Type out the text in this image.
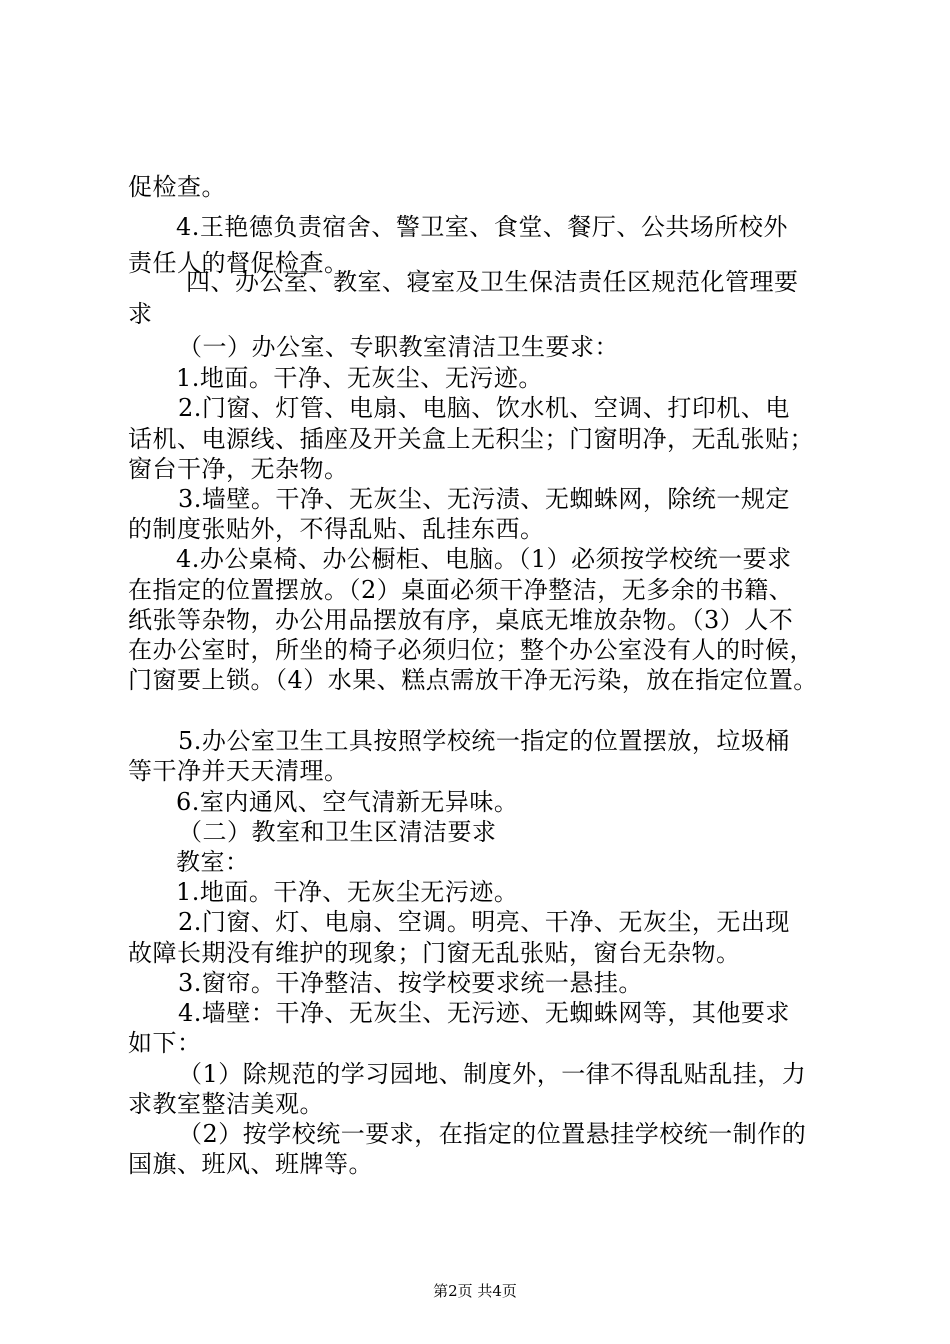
促检查。
4.王艳德负责宿舍、警卫室、食堂、餐厅、公共场所校外
责任人的督促检查。
四、办公室、教室、寝室及卫生保洁责任区规范化管理要
求
（一）办公室、专职教室清洁卫生要求：
1.地面。干净、无灰尘、无污迹。
2.门窗、灯管、电扇、电脑、饮水机、空调、打印机、电
话机、电源线、插座及开关盒上无积尘；门窗明净，无乱张贴；
窗台干净，无杂物。
3.墙壁。干净、无灰尘、无污渍、无蜘蛛网，除统一规定
的制度张贴外，不得乱贴、乱挂东西。
4.办公桌椅、办公橱柜、电脑。（1）必须按学校统一要求
在指定的位置摆放。（2）桌面必须干净整洁，无多余的书籍、
纸张等杂物，办公用品摆放有序，桌底无堆放杂物。（3）人不
在办公室时，所坐的椅子必须归位；整个办公室没有人的时候，
门窗要上锁。（4）水果、糕点需放干净无污染，放在指定位置。
5.办公室卫生工具按照学校统一指定的位置摆放，垃圾桶
等干净并天天清理。
6.室内通风、空气清新无异味。
（二）教室和卫生区清洁要求
教室：
1.地面。干净、无灰尘无污迹。
2.门窗、灯、电扇、空调。明亮、干净、无灰尘，无出现
故障长期没有维护的现象；门窗无乱张贴，窗台无杂物。
3.窗帘。干净整洁、按学校要求统一悬挂。
4.墙壁：干净、无灰尘、无污迹、无蜘蛛网等，其他要求
如下：
（1）除规范的学习园地、制度外，一律不得乱贴乱挂，力
求教室整洁美观。
（2）按学校统一要求，在指定的位置悬挂学校统一制作的
国旗、班风、班牌等。
第2页 共4页
